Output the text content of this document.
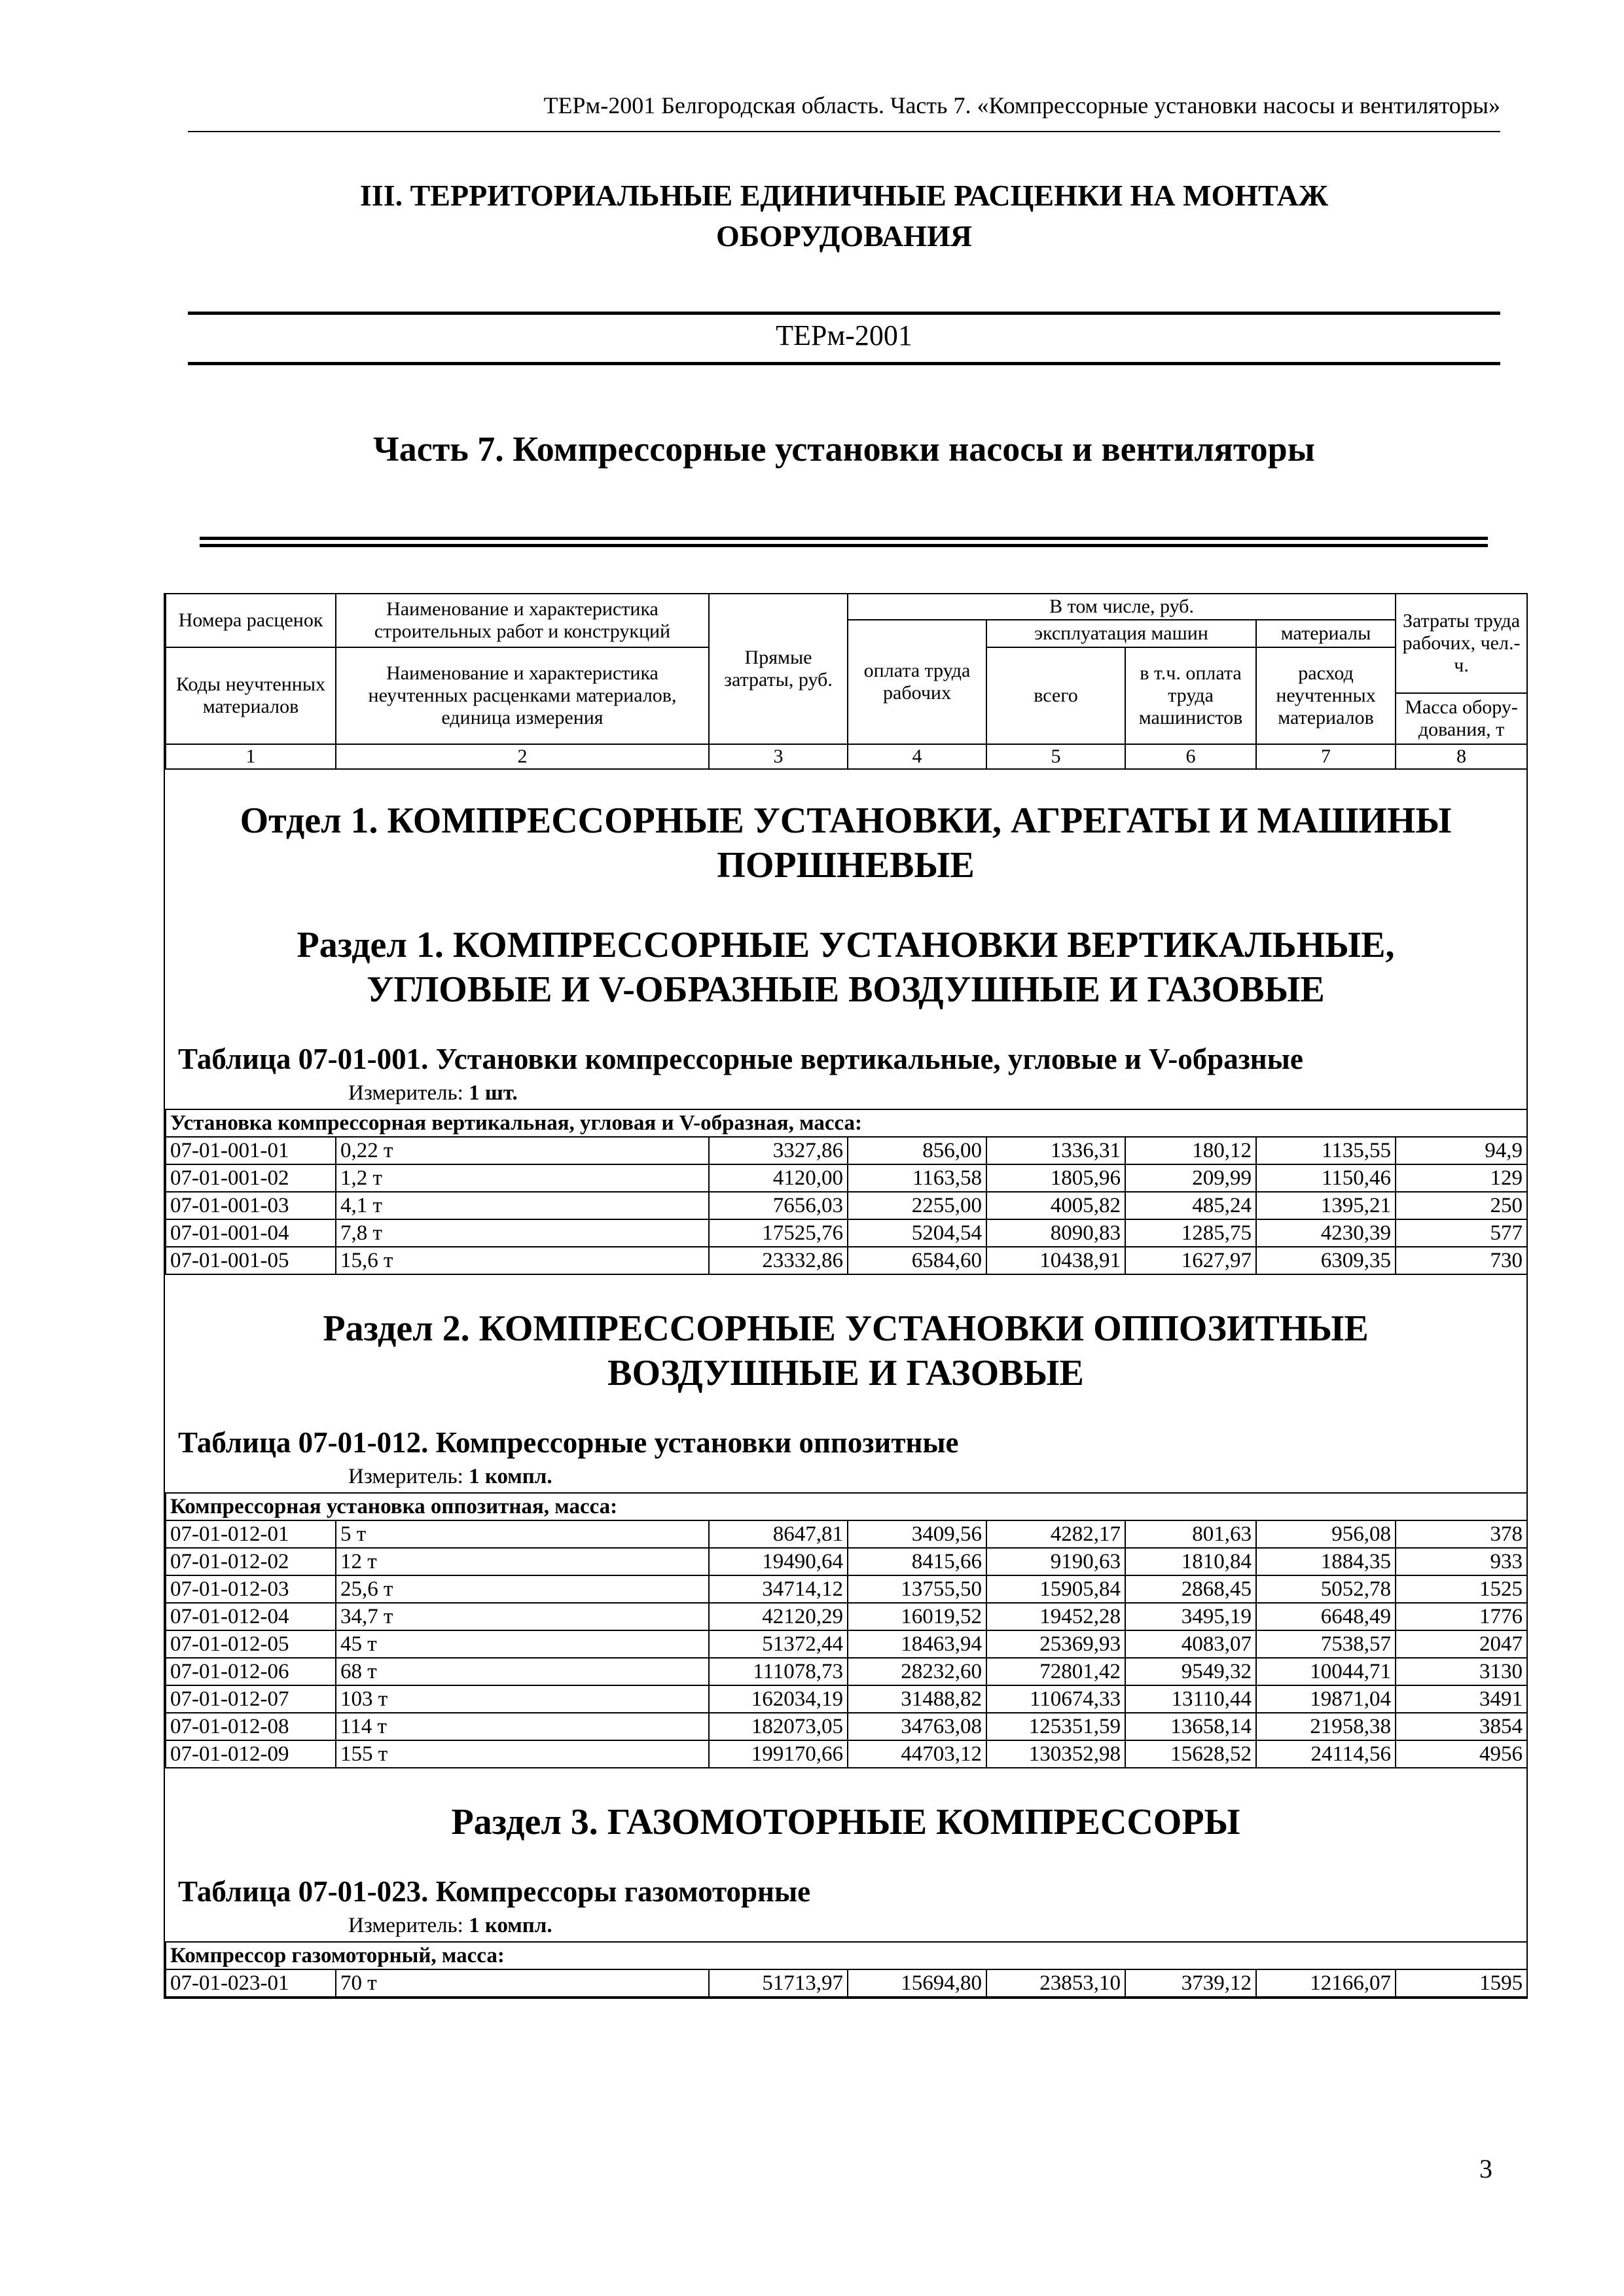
ТЕРм-2001 Белгородская область. Часть 7. «Компрессорные установки насосы и вентиляторы»
III. ТЕРРИТОРИАЛЬНЫЕ ЕДИНИЧНЫЕ РАСЦЕНКИ НА МОНТАЖ
ОБОРУДОВАНИЯ
ТЕРм-2001
Часть 7. Компрессорные установки насосы и вентиляторы
Номера расценок	Наименование и характеристика строительных работ и конструкций	Прямые затраты, руб.	В том числе, руб.				Затраты труда рабочих, чел.-ч.
			оплата труда рабочих	эксплуатация машин		материалы	
Коды неучтенных материалов	Наименование и характеристика неучтенных расценками материалов, единица измерения			всего	в т.ч. оплата труда машинистов	расход неучтенных материалов	
							Масса обору-дования, т
1	2	3	4	5	6	7	8
Отдел 1. КОМПРЕССОРНЫЕ УСТАНОВКИ, АГРЕГАТЫ И МАШИНЫ
ПОРШНЕВЫЕ
Раздел 1. КОМПРЕССОРНЫЕ УСТАНОВКИ ВЕРТИКАЛЬНЫЕ,
УГЛОВЫЕ И V-ОБРАЗНЫЕ ВОЗДУШНЫЕ И ГАЗОВЫЕ
Таблица 07-01-001. Установки компрессорные вертикальные, угловые и V-образные
Измеритель: 1 шт.
Установка компрессорная вертикальная, угловая и V-образная, масса:							
07-01-001-01	0,22 т	3327,86	856,00	1336,31	180,12	1135,55	94,9
07-01-001-02	1,2 т	4120,00	1163,58	1805,96	209,99	1150,46	129
07-01-001-03	4,1 т	7656,03	2255,00	4005,82	485,24	1395,21	250
07-01-001-04	7,8 т	17525,76	5204,54	8090,83	1285,75	4230,39	577
07-01-001-05	15,6 т	23332,86	6584,60	10438,91	1627,97	6309,35	730
Раздел 2. КОМПРЕССОРНЫЕ УСТАНОВКИ ОППОЗИТНЫЕ
ВОЗДУШНЫЕ И ГАЗОВЫЕ
Таблица 07-01-012. Компрессорные установки оппозитные
Измеритель: 1 компл.
Компрессорная установка оппозитная, масса:							
07-01-012-01	5 т	8647,81	3409,56	4282,17	801,63	956,08	378
07-01-012-02	12 т	19490,64	8415,66	9190,63	1810,84	1884,35	933
07-01-012-03	25,6 т	34714,12	13755,50	15905,84	2868,45	5052,78	1525
07-01-012-04	34,7 т	42120,29	16019,52	19452,28	3495,19	6648,49	1776
07-01-012-05	45 т	51372,44	18463,94	25369,93	4083,07	7538,57	2047
07-01-012-06	68 т	111078,73	28232,60	72801,42	9549,32	10044,71	3130
07-01-012-07	103 т	162034,19	31488,82	110674,33	13110,44	19871,04	3491
07-01-012-08	114 т	182073,05	34763,08	125351,59	13658,14	21958,38	3854
07-01-012-09	155 т	199170,66	44703,12	130352,98	15628,52	24114,56	4956
Раздел 3. ГАЗОМОТОРНЫЕ КОМПРЕССОРЫ
Таблица 07-01-023. Компрессоры газомоторные
Измеритель: 1 компл.
Компрессор газомоторный, масса:
07-01-023-01	70 т	51713,97	15694,80	23853,10	3739,12	12166,07	1595
3
